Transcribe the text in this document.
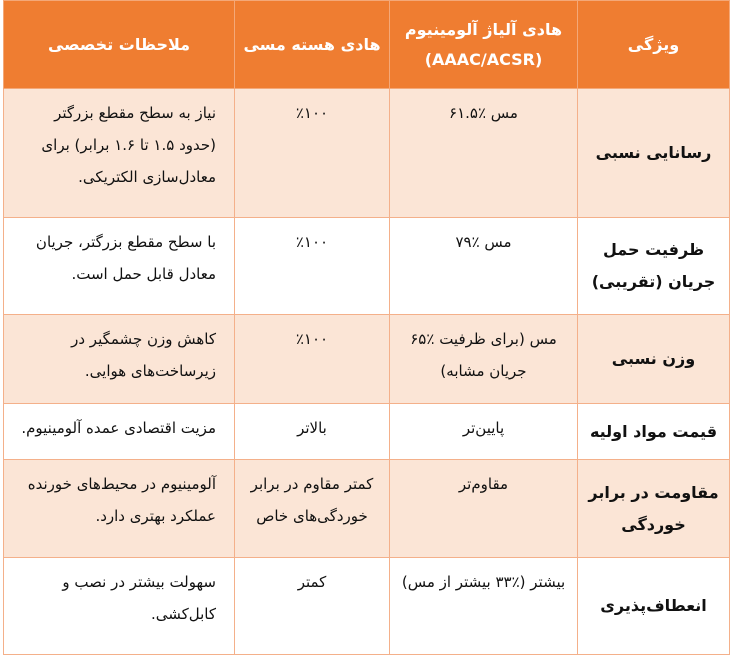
ویژگی	هادی آلیاژ آلومینیوم (AAAC/ACSR)	هادی هسته مسی	ملاحظات تخصصی
رسانایی نسبی	مس ٪۶۱.۵	٪۱۰۰	نیاز به سطح مقطع بزرگتر (حدود ۱.۵ تا ۱.۶ برابر) برای معادل‌سازی الکتریکی.
ظرفیت حمل جریان (تقریبی)	مس ٪۷۹	٪۱۰۰	با سطح مقطع بزرگتر، جریان معادل قابل حمل است.
وزن نسبی	مس (برای ظرفیت ٪۶۵ جریان مشابه)	٪۱۰۰	کاهش وزن چشمگیر در زیرساخت‌های هوایی.
قیمت مواد اولیه	پایین‌تر	بالاتر	مزیت اقتصادی عمده آلومینیوم.
مقاومت در برابر خوردگی	مقاوم‌تر	کمتر مقاوم در برابر خوردگی‌های خاص	آلومینیوم در محیط‌های خورنده عملکرد بهتری دارد.
انعطاف‌پذیری	بیشتر (٪۳۳ بیشتر از مس)	کمتر	سهولت بیشتر در نصب و کابل‌کشی.
